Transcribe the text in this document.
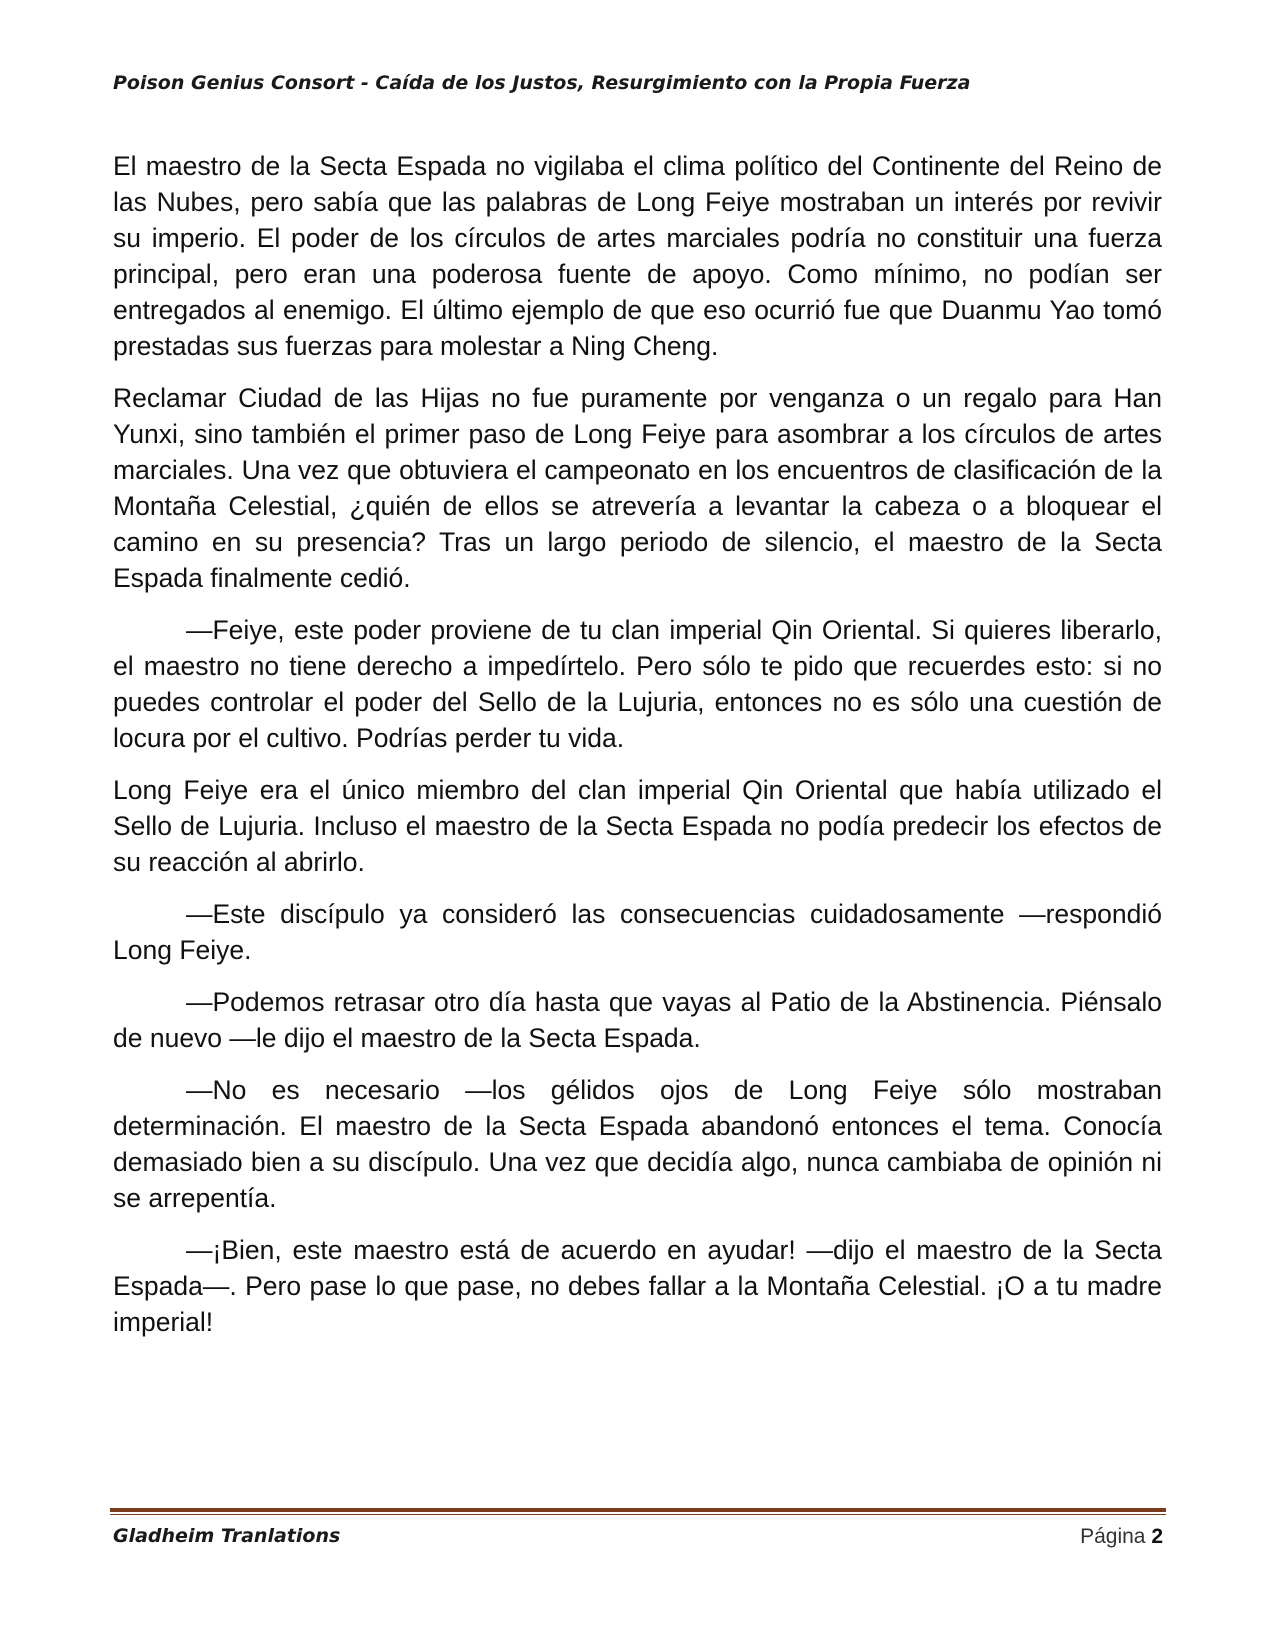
Poison Genius Consort - Caída de los Justos, Resurgimiento con la Propia Fuerza

El maestro de la Secta Espada no vigilaba el clima político del Continente del Reino de las Nubes, pero sabía que las palabras de Long Feiye mostraban un interés por revivir su imperio. El poder de los círculos de artes marciales podría no constituir una fuerza principal, pero eran una poderosa fuente de apoyo. Como mínimo, no podían ser entregados al enemigo. El último ejemplo de que eso ocurrió fue que Duanmu Yao tomó prestadas sus fuerzas para molestar a Ning Cheng.

Reclamar Ciudad de las Hijas no fue puramente por venganza o un regalo para Han Yunxi, sino también el primer paso de Long Feiye para asombrar a los círculos de artes marciales. Una vez que obtuviera el campeonato en los encuentros de clasificación de la Montaña Celestial, ¿quién de ellos se atrevería a levantar la cabeza o a bloquear el camino en su presencia? Tras un largo periodo de silencio, el maestro de la Secta Espada finalmente cedió.

—Feiye, este poder proviene de tu clan imperial Qin Oriental. Si quieres liberarlo, el maestro no tiene derecho a impedírtelo. Pero sólo te pido que recuerdes esto: si no puedes controlar el poder del Sello de la Lujuria, entonces no es sólo una cuestión de locura por el cultivo. Podrías perder tu vida.

Long Feiye era el único miembro del clan imperial Qin Oriental que había utilizado el Sello de Lujuria. Incluso el maestro de la Secta Espada no podía predecir los efectos de su reacción al abrirlo.

—Este discípulo ya consideró las consecuencias cuidadosamente —respondió Long Feiye.

—Podemos retrasar otro día hasta que vayas al Patio de la Abstinencia. Piénsalo de nuevo —le dijo el maestro de la Secta Espada.

—No es necesario —los gélidos ojos de Long Feiye sólo mostraban determinación. El maestro de la Secta Espada abandonó entonces el tema. Conocía demasiado bien a su discípulo. Una vez que decidía algo, nunca cambiaba de opinión ni se arrepentía.

—¡Bien, este maestro está de acuerdo en ayudar! —dijo el maestro de la Secta Espada—. Pero pase lo que pase, no debes fallar a la Montaña Celestial. ¡O a tu madre imperial!

Gladheim Tranlations	Página 2
